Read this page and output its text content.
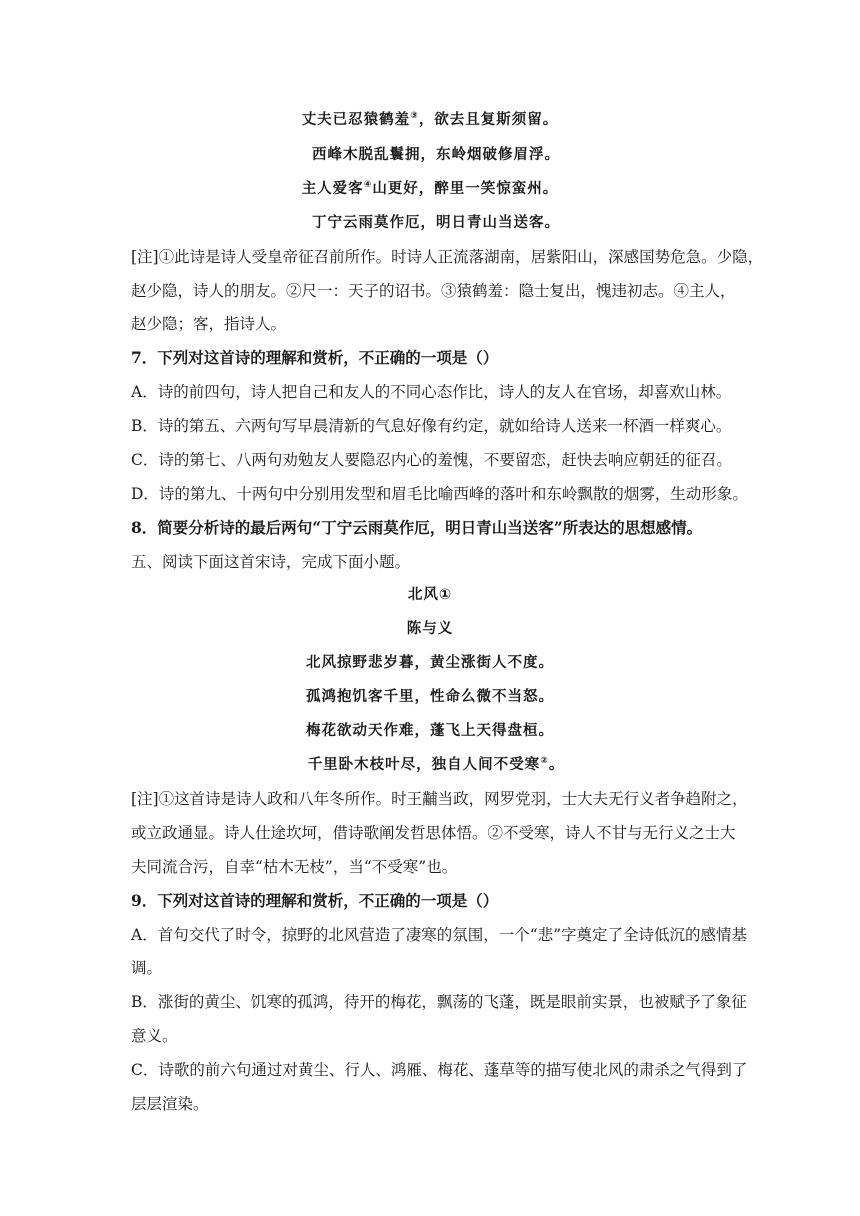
丈夫已忍猿鹤羞③，欲去且复斯须留。
西峰木脱乱鬟拥，东岭烟破修眉浮。
主人爱客④山更好，醉里一笑惊蛮州。
丁宁云雨莫作厄，明日青山当送客。
[注]①此诗是诗人受皇帝征召前所作。时诗人正流落湖南，居紫阳山，深感国势危急。少隐，
赵少隐，诗人的朋友。②尺一：天子的诏书。③猿鹤羞：隐士复出，愧违初志。④主人，
赵少隐；客，指诗人。
7．下列对这首诗的理解和赏析，不正确的一项是（）
A．诗的前四句，诗人把自己和友人的不同心态作比，诗人的友人在官场，却喜欢山林。
B．诗的第五、六两句写早晨清新的气息好像有约定，就如给诗人送来一杯酒一样爽心。
C．诗的第七、八两句劝勉友人要隐忍内心的羞愧，不要留恋，赶快去响应朝廷的征召。
D．诗的第九、十两句中分别用发型和眉毛比喻西峰的落叶和东岭飘散的烟雾，生动形象。
8．简要分析诗的最后两句“丁宁云雨莫作厄，明日青山当送客”所表达的思想感情。
五、阅读下面这首宋诗，完成下面小题。
北风①
陈与义
北风掠野悲岁暮，黄尘涨街人不度。
孤鸿抱饥客千里，性命么微不当怒。
梅花欲动天作难，蓬飞上天得盘桓。
千里卧木枝叶尽，独自人间不受寒②。
[注]①这首诗是诗人政和八年冬所作。时王黼当政，网罗党羽，士大夫无行义者争趋附之，
或立政通显。诗人仕途坎坷，借诗歌阐发哲思体悟。②不受寒，诗人不甘与无行义之士大
夫同流合污，自幸“枯木无枝”，当“不受寒”也。
9．下列对这首诗的理解和赏析，不正确的一项是（）
A．首句交代了时令，掠野的北风营造了凄寒的氛围，一个“悲”字奠定了全诗低沉的感情基
调。
B．涨街的黄尘、饥寒的孤鸿，待开的梅花，飘荡的飞蓬，既是眼前实景，也被赋予了象征
意义。
C．诗歌的前六句通过对黄尘、行人、鸿雁、梅花、蓬草等的描写使北风的肃杀之气得到了
层层渲染。
